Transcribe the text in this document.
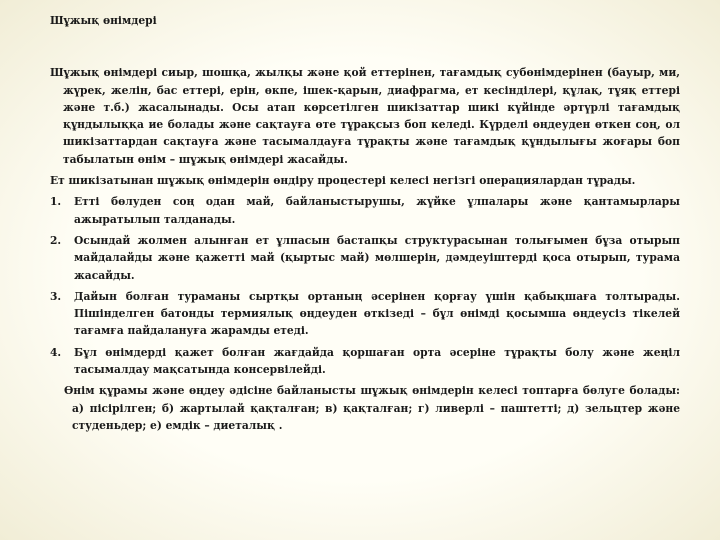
Шұжық өнімдері
Шұжық өнімдері сиыр, шошқа, жылқы және қой еттерінен, тағамдық субөнімдерінен (бауыр, ми, жүрек, желін, бас еттері, ерін, өкпе, ішек-қарын, диафрагма, ет кесінділері, құлақ, тұяқ еттері және т.б.) жасалынады. Осы атап көрсетілген шикізаттар шикі күйінде әртүрлі тағамдық құндылыққа ие болады және сақтауға өте тұрақсыз боп келеді. Күрделі өңдеуден өткен соң, ол шикізаттардан сақтауға және тасымалдауға тұрақты және тағамдық құндылығы жоғары боп табылатын өнім – шұжық өнімдері жасайды.
Ет шикізатынан шұжық өнімдерін өндіру процестері келесі негізгі операциялардан тұрады.
1.	Етті бөлуден соң одан май, байланыстырушы, жүйке ұлпалары және қантамырлары ажыратылып талданады.
2.	Осындай жолмен алынған ет ұлпасын бастапқы структурасынан толығымен бұза отырып майдалайды және қажетті май (қыртыс май) мөлшерін, дәмдеуіштерді қоса отырып, турама жасайды.
3.	Дайын болған тураманы сыртқы ортаның әсерінен қорғау үшін қабықшаға толтырады. Пішінделген батонды термиялық өңдеуден өткізеді – бұл өнімді қосымша өңдеусіз тікелей тағамға пайдалануға жарамды етеді.
4.	Бұл өнімдерді қажет болған жағдайда қоршаған орта әсеріне тұрақты болу және жеңіл тасымалдау мақсатында консервілейді.
Өнім құрамы және өңдеу әдісіне байланысты шұжық өнімдерін келесі топтарға бөлуге болады: а) пісірілген; б) жартылай қақталған; в) қақталған; г) ливерлі – паштетті; д) зельцтер және студеньдер; е) емдік – диеталық .
